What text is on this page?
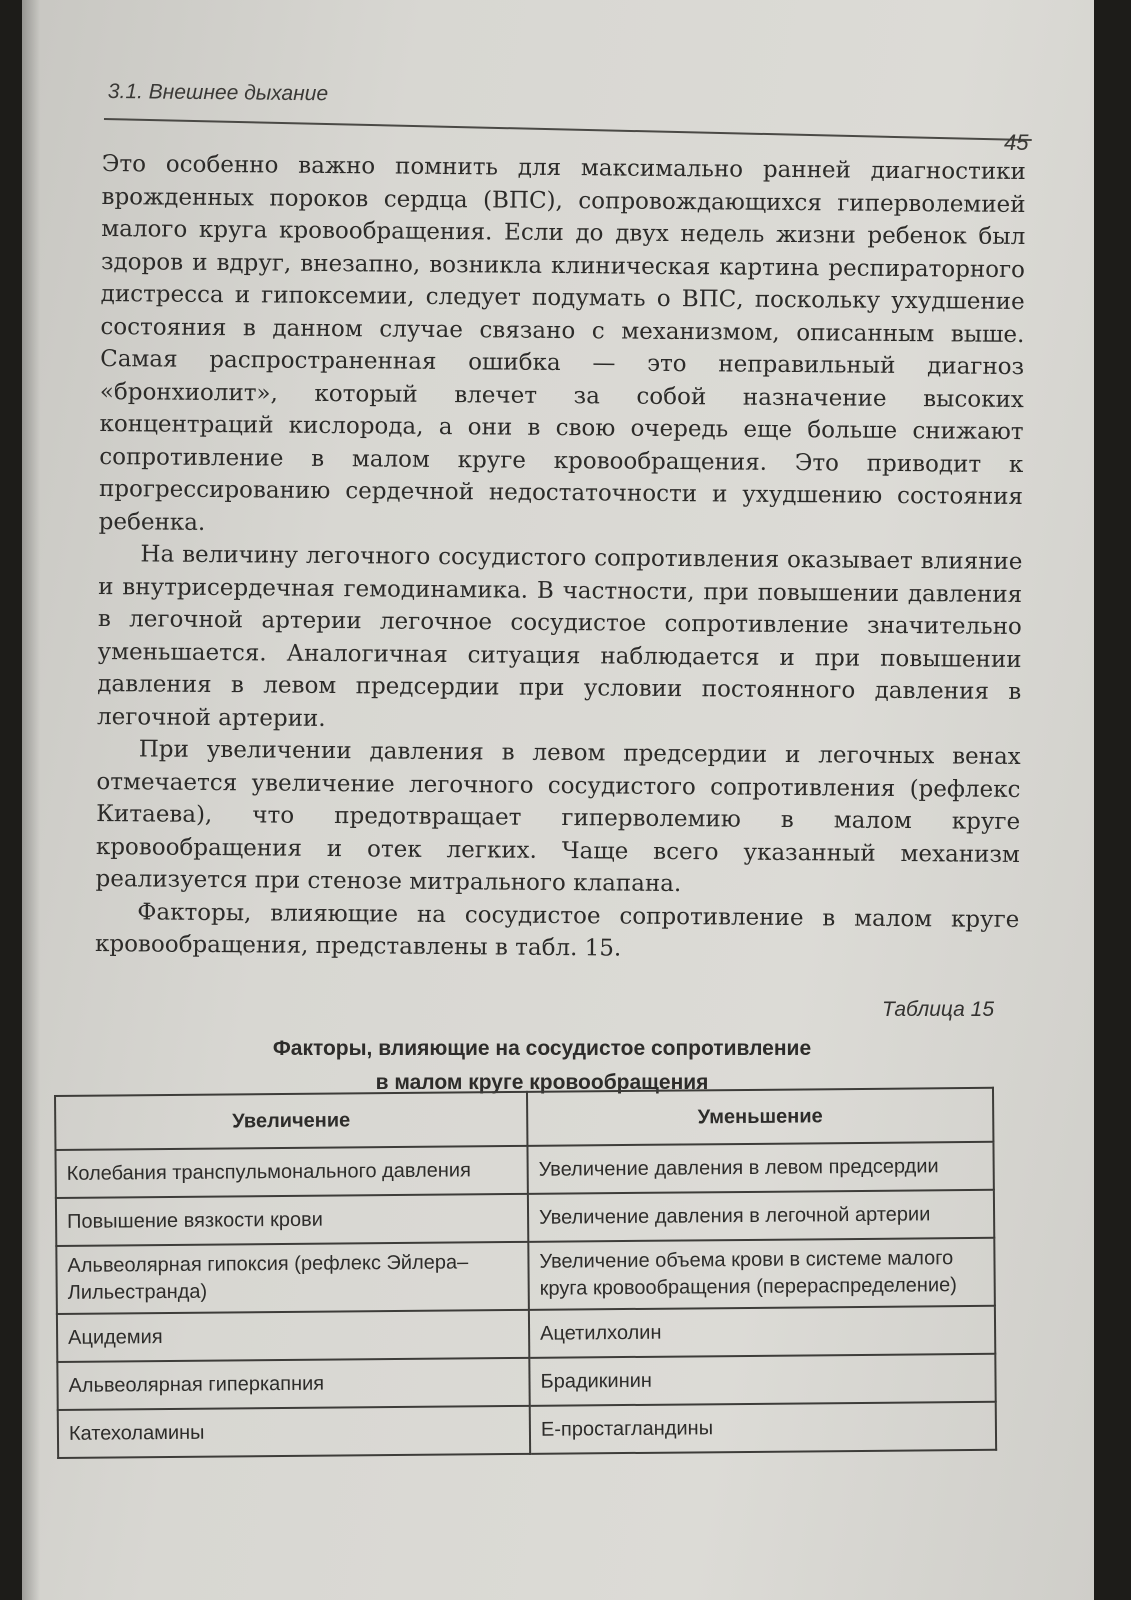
3.1. Внешнее дыхание
45

Это особенно важно помнить для максимально ранней диагностики врожденных пороков сердца (ВПС), сопровождающихся гиперволемией малого круга кровообращения. Если до двух недель жизни ребенок был здоров и вдруг, внезапно, возникла клиническая картина респираторного дистресса и гипоксемии, следует подумать о ВПС, поскольку ухудшение состояния в данном случае связано с механизмом, описанным выше. Самая распространенная ошибка — это неправильный диагноз «бронхиолит», который влечет за собой назначение высоких концентраций кислорода, а они в свою очередь еще больше снижают сопротивление в малом круге кровообращения. Это приводит к прогрессированию сердечной недостаточности и ухудшению состояния ребенка.

На величину легочного сосудистого сопротивления оказывает влияние и внутрисердечная гемодинамика. В частности, при повышении давления в легочной артерии легочное сосудистое сопротивление значительно уменьшается. Аналогичная ситуация наблюдается и при повышении давления в левом предсердии при условии постоянного давления в легочной артерии.

При увеличении давления в левом предсердии и легочных венах отмечается увеличение легочного сосудистого сопротивления (рефлекс Китаева), что предотвращает гиперволемию в малом круге кровообращения и отек легких. Чаще всего указанный механизм реализуется при стенозе митрального клапана.

Факторы, влияющие на сосудистое сопротивление в малом круге кровообращения, представлены в табл. 15.

Таблица 15
Факторы, влияющие на сосудистое сопротивление
в малом круге кровообращения
Увеличение	Уменьшение
Колебания транспульмонального давления	Увеличение давления в левом предсердии
Повышение вязкости крови	Увеличение давления в легочной артерии
Альвеолярная гипоксия (рефлекс Эйлера–Лильестранда)	Увеличение объема крови в системе малого круга кровообращения (перераспределение)
Ацидемия	Ацетилхолин
Альвеолярная гиперкапния	Брадикинин
Катехоламины	Е-простагландины
